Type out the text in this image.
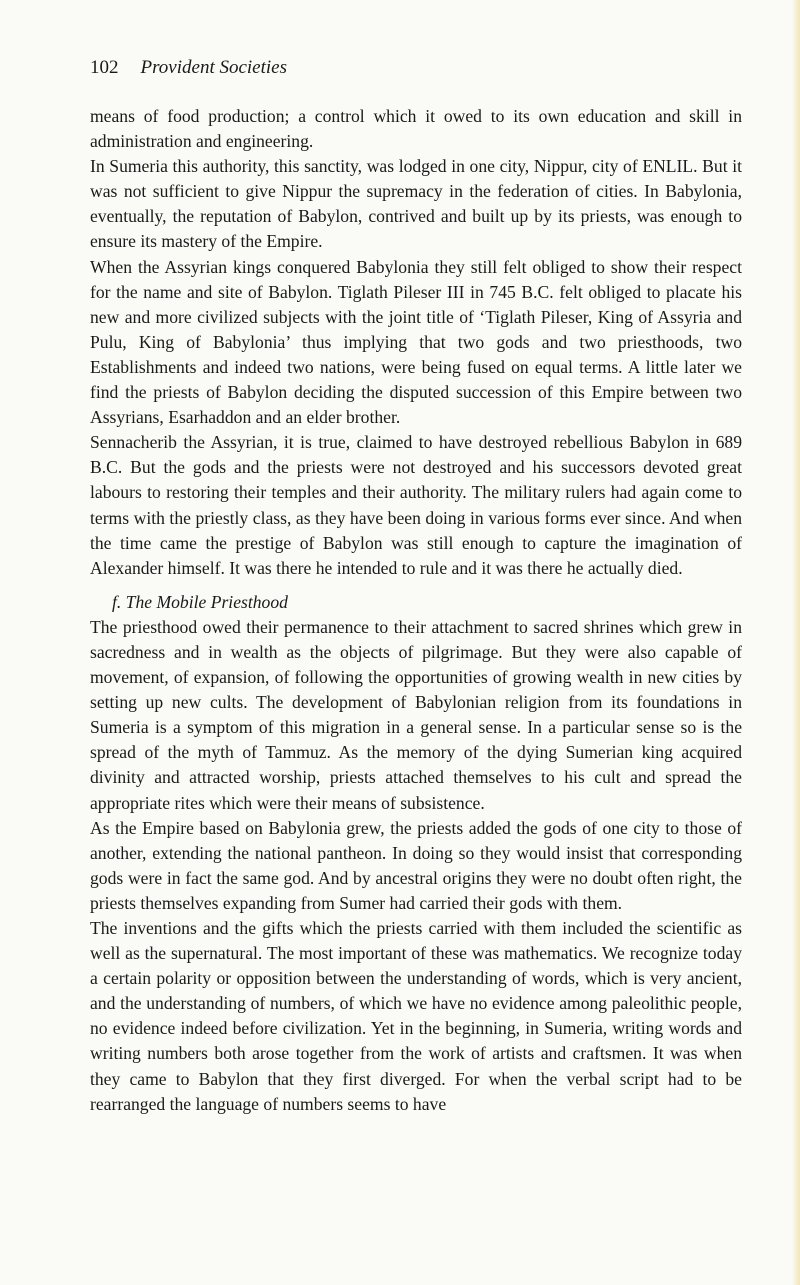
102 Provident Societies

means of food production; a control which it owed to its own education and skill in administration and engineering.

In Sumeria this authority, this sanctity, was lodged in one city, Nippur, city of ENLIL. But it was not sufficient to give Nippur the supremacy in the federation of cities. In Babylonia, eventually, the reputation of Babylon, contrived and built up by its priests, was enough to ensure its mastery of the Empire.

When the Assyrian kings conquered Babylonia they still felt obliged to show their respect for the name and site of Babylon. Tiglath Pileser III in 745 B.C. felt obliged to placate his new and more civilized subjects with the joint title of ‘Tiglath Pileser, King of Assyria and Pulu, King of Babylonia’ thus implying that two gods and two priesthoods, two Establishments and indeed two nations, were being fused on equal terms. A little later we find the priests of Babylon deciding the disputed succession of this Empire between two Assyrians, Esarhaddon and an elder brother.

Sennacherib the Assyrian, it is true, claimed to have destroyed rebellious Babylon in 689 B.C. But the gods and the priests were not destroyed and his successors devoted great labours to restoring their temples and their authority. The military rulers had again come to terms with the priestly class, as they have been doing in various forms ever since. And when the time came the prestige of Babylon was still enough to capture the imagination of Alexander himself. It was there he intended to rule and it was there he actually died.

f. The Mobile Priesthood

The priesthood owed their permanence to their attachment to sacred shrines which grew in sacredness and in wealth as the objects of pilgrimage. But they were also capable of movement, of expansion, of following the opportunities of growing wealth in new cities by setting up new cults. The development of Babylonian religion from its foundations in Sumeria is a symptom of this migration in a general sense. In a particular sense so is the spread of the myth of Tammuz. As the memory of the dying Sumerian king acquired divinity and attracted worship, priests attached themselves to his cult and spread the appropriate rites which were their means of subsistence.

As the Empire based on Babylonia grew, the priests added the gods of one city to those of another, extending the national pantheon. In doing so they would insist that corresponding gods were in fact the same god. And by ancestral origins they were no doubt often right, the priests themselves expanding from Sumer had carried their gods with them.

The inventions and the gifts which the priests carried with them included the scientific as well as the supernatural. The most important of these was mathematics. We recognize today a certain polarity or opposition between the understanding of words, which is very ancient, and the understanding of numbers, of which we have no evidence among paleolithic people, no evidence indeed before civilization. Yet in the beginning, in Sumeria, writing words and writing numbers both arose together from the work of artists and craftsmen. It was when they came to Babylon that they first diverged. For when the verbal script had to be rearranged the language of numbers seems to have
